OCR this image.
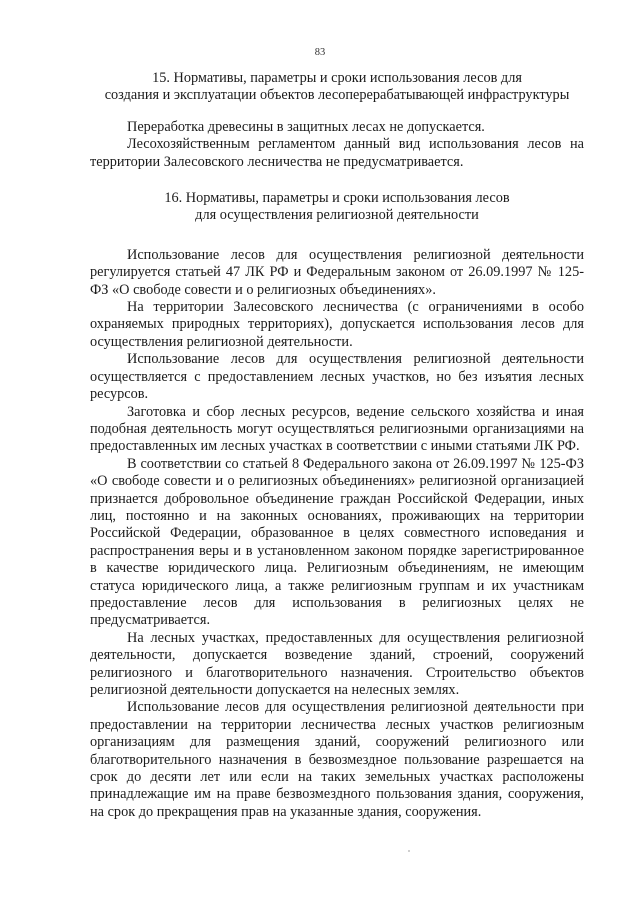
83
15. Нормативы, параметры и сроки использования лесов для
создания и эксплуатации объектов лесоперерабатывающей инфраструктуры

Переработка древесины в защитных лесах не допускается.

Лесохозяйственным регламентом данный вид использования лесов на территории Залесовского лесничества не предусматривается.

16. Нормативы, параметры и сроки использования лесов
для осуществления религиозной деятельности

Использование лесов для осуществления религиозной деятельности регулируется статьей 47 ЛК РФ и Федеральным законом от 26.09.1997 № 125-ФЗ «О свободе совести и о религиозных объединениях».

На территории Залесовского лесничества (с ограничениями в особо охраняемых природных территориях), допускается использования лесов для осуществления религиозной деятельности.

Использование лесов для осуществления религиозной деятельности осуществляется с предоставлением лесных участков, но без изъятия лесных ресурсов.

Заготовка и сбор лесных ресурсов, ведение сельского хозяйства и иная подобная деятельность могут осуществляться религиозными организациями на предоставленных им лесных участках в соответствии с иными статьями ЛК РФ.

В соответствии со статьей 8 Федерального закона от 26.09.1997 № 125-ФЗ «О свободе совести и о религиозных объединениях» религиозной организацией признается добровольное объединение граждан Российской Федерации, иных лиц, постоянно и на законных основаниях, проживающих на территории Российской Федерации, образованное в целях совместного исповедания и распространения веры и в установленном законом порядке зарегистрированное в качестве юридического лица. Религиозным объединениям, не имеющим статуса юридического лица, а также религиозным группам и их участникам предоставление лесов для использования в религиозных целях не предусматривается.

На лесных участках, предоставленных для осуществления религиозной деятельности, допускается возведение зданий, строений, сооружений религиозного и благотворительного назначения. Строительство объектов религиозной деятельности допускается на нелесных землях.

Использование лесов для осуществления религиозной деятельности при предоставлении на территории лесничества лесных участков религиозным организациям для размещения зданий, сооружений религиозного или благотворительного назначения в безвозмездное пользование разрешается на срок до десяти лет или если на таких земельных участках расположены принадлежащие им на праве безвозмездного пользования здания, сооружения, на срок до прекращения прав на указанные здания, сооружения.
